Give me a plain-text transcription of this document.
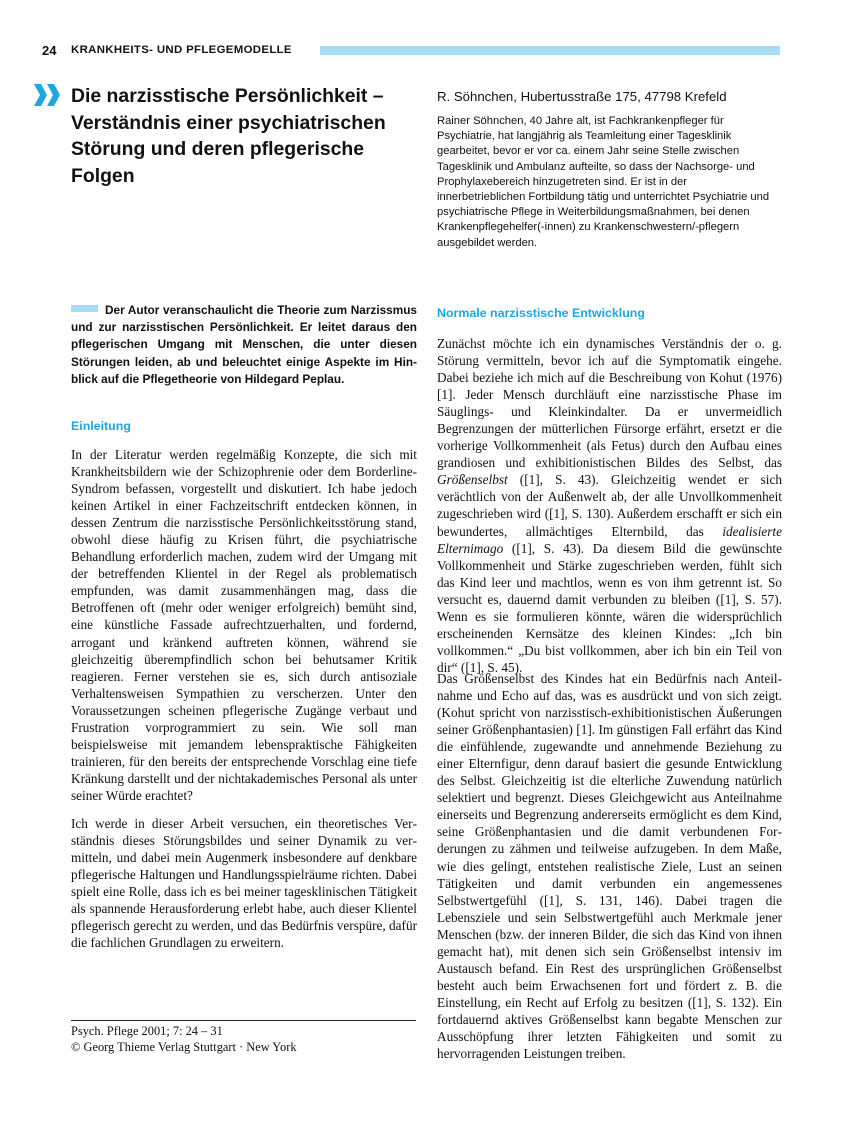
24 KRANKHEITS- UND PFLEGEMODELLE
Die narzisstische Persönlichkeit – Verständnis einer psychiatrischen Störung und deren pflegerische Folgen
R. Söhnchen, Hubertusstraße 175, 47798 Krefeld

Rainer Söhnchen, 40 Jahre alt, ist Fachkrankenpfleger für Psychiatrie, hat langjährig als Teamleitung einer Tagesklinik gearbeitet, bevor er vor ca. einem Jahr seine Stelle zwischen Tagesklinik und Ambulanz aufteilte, so dass der Nachsorge- und Prophylaxebereich hinzugetreten sind. Er ist in der innerbetrieblichen Fortbildung tätig und unterrichtet Psychiatrie und psychiatrische Pflege in Weiterbildungsmaßnahmen, bei denen Krankenpflegehelfer(-innen) zu Krankenschwestern/-pflegern ausgebildet werden.

Der Autor veranschaulicht die Theorie zum Narzissmus und zur narzisstischen Persönlichkeit. Er leitet daraus den pflegerischen Umgang mit Menschen, die unter diesen Störungen leiden, ab und beleuchtet einige Aspekte im Hinblick auf die Pflegetheorie von Hildegard Peplau.

Einleitung

In der Literatur werden regelmäßig Konzepte, die sich mit Krankheitsbildern wie der Schizophrenie oder dem Borderline-Syndrom befassen, vorgestellt und diskutiert. Ich habe jedoch keinen Artikel in einer Fachzeitschrift entdecken können, in dessen Zentrum die narzisstische Persönlichkeitsstörung stand, obwohl diese häufig zu Krisen führt, die psychiatrische Behandlung erforderlich machen, zudem wird der Umgang mit der betreffenden Klientel in der Regel als problematisch empfunden, was damit zusammenhängen mag, dass die Betroffenen oft (mehr oder weniger erfolgreich) bemüht sind, eine künstliche Fassade aufrechtzuerhalten, und fordernd, arrogant und kränkend auftreten können, während sie gleichzeitig überempfindlich schon bei behutsamer Kritik reagieren. Ferner verstehen sie es, sich durch antisoziale Verhaltensweisen Sympathien zu verscherzen. Unter den Voraussetzungen scheinen pflegerische Zugänge verbaut und Frustration vorprogrammiert zu sein. Wie soll man beispielsweise mit jemandem lebenspraktische Fähigkeiten trainieren, für den bereits der entsprechende Vorschlag eine tiefe Kränkung darstellt und der nichtakademisches Personal als unter seiner Würde erachtet?

Ich werde in dieser Arbeit versuchen, ein theoretisches Verständnis dieses Störungsbildes und seiner Dynamik zu vermitteln, und dabei mein Augenmerk insbesondere auf denkbare pflegerische Haltungen und Handlungsspielräume richten. Dabei spielt eine Rolle, dass ich es bei meiner tagesklinischen Tätigkeit als spannende Herausforderung erlebt habe, auch dieser Klientel pflegerisch gerecht zu werden, und das Bedürfnis verspüre, dafür die fachlichen Grundlagen zu erweitern.

Normale narzisstische Entwicklung

Zunächst möchte ich ein dynamisches Verständnis der o. g. Störung vermitteln, bevor ich auf die Symptomatik eingehe. Dabei beziehe ich mich auf die Beschreibung von Kohut (1976) [1]. Jeder Mensch durchläuft eine narzisstische Phase im Säuglings- und Kleinkindalter. Da er unvermeidlich Begrenzungen der mütterlichen Fürsorge erfährt, ersetzt er die vorherige Vollkommenheit (als Fetus) durch den Aufbau eines grandiosen und exhibitionistischen Bildes des Selbst, das Größenselbst ([1], S. 43). Gleichzeitig wendet er sich verächtlich von der Außenwelt ab, der alle Unvollkommenheit zugeschrieben wird ([1], S. 130). Außerdem erschafft er sich ein bewundertes, allmächtiges Elternbild, das idealisierte Elternimago ([1], S. 43). Da diesem Bild die gewünschte Vollkommenheit und Stärke zugeschrieben werden, fühlt sich das Kind leer und machtlos, wenn es von ihm getrennt ist. So versucht es, dauernd damit verbunden zu bleiben ([1], S. 57). Wenn es sie formulieren könnte, wären die widersprüchlich erscheinenden Kernsätze des kleinen Kindes: „Ich bin vollkommen.“ „Du bist vollkommen, aber ich bin ein Teil von dir“ ([1], S. 45).

Das Größenselbst des Kindes hat ein Bedürfnis nach Anteilnahme und Echo auf das, was es ausdrückt und von sich zeigt. (Kohut spricht von narzisstisch-exhibitionistischen Äußerungen seiner Größenphantasien) [1]. Im günstigen Fall erfährt das Kind die einfühlende, zugewandte und annehmende Beziehung zu einer Elternfigur, denn darauf basiert die gesunde Entwicklung des Selbst. Gleichzeitig ist die elterliche Zuwendung natürlich selektiert und begrenzt. Dieses Gleichgewicht aus Anteilnahme einerseits und Begrenzung andererseits ermöglicht es dem Kind, seine Größenphantasien und die damit verbundenen Forderungen zu zähmen und teilweise aufzugeben. In dem Maße, wie dies gelingt, entstehen realistische Ziele, Lust an seinen Tätigkeiten und damit verbunden ein angemessenes Selbstwertgefühl ([1], S. 131, 146). Dabei tragen die Lebensziele und sein Selbstwertgefühl auch Merkmale jener Menschen (bzw. der inneren Bilder, die sich das Kind von ihnen gemacht hat), mit denen sich sein Größenselbst intensiv im Austausch befand. Ein Rest des ursprünglichen Größenselbst besteht auch beim Erwachsenen fort und fördert z. B. die Einstellung, ein Recht auf Erfolg zu besitzen ([1], S. 132). Ein fortdauernd aktives Größenselbst kann begabte Menschen zur Ausschöpfung ihrer letzten Fähigkeiten und somit zu hervorragenden Leistungen treiben.

Psych. Pflege 2001; 7: 24 – 31
© Georg Thieme Verlag Stuttgart · New York
